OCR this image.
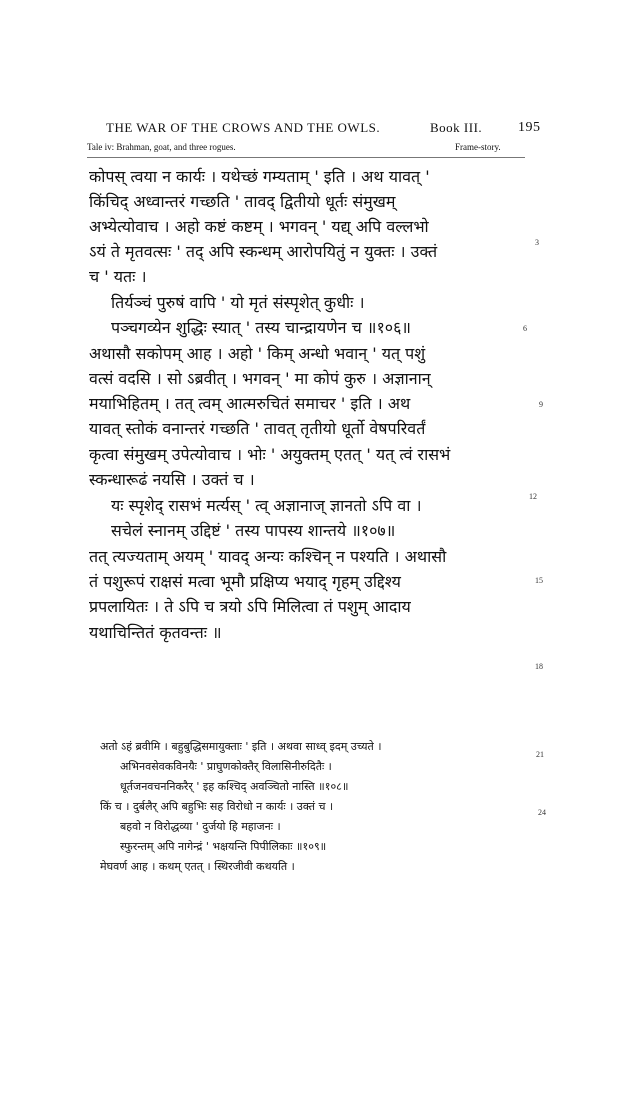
THE WAR OF THE CROWS AND THE OWLS.	Book III.	195
Tale iv: Brahman, goat, and three rogues.	Frame-story.
कोपस् त्वया न कार्यः । यथेच्छं गम्यताम् ' इति । अथ यावत् '
किंचिद् अध्वान्तरं गच्छति ' तावद् द्वितीयो धूर्तः संमुखम्
अभ्येत्योवाच । अहो कष्टं कष्टम् । भगवन् ' यद्य् अपि वल्लभो
ऽयं ते मृतवत्सः ' तद् अपि स्कन्धम् आरोपयितुं न युक्तः । उक्तं
च ' यतः ।
तिर्यञ्चं पुरुषं वापि ' यो मृतं संस्पृशेत् कुधीः ।
पञ्चगव्येन शुद्धिः स्यात् ' तस्य चान्द्रायणेन च ॥१०६॥
अथासौ सकोपम् आह । अहो ' किम् अन्धो भवान् ' यत् पशुं
वत्सं वदसि । सो ऽब्रवीत् । भगवन् ' मा कोपं कुरु । अज्ञानान्
मयाभिहितम् । तत् त्वम् आत्मरुचितं समाचर ' इति । अथ
यावत् स्तोकं वनान्तरं गच्छति ' तावत् तृतीयो धूर्तो वेषपरिवर्तं
कृत्वा संमुखम् उपेत्योवाच । भोः ' अयुक्तम् एतत् ' यत् त्वं रासभं
स्कन्धारूढं नयसि । उक्तं च ।
यः स्पृशेद् रासभं मर्त्यस् ' त्व् अज्ञानाज् ज्ञानतो ऽपि वा ।
सचेलं स्नानम् उद्दिष्टं ' तस्य पापस्य शान्तये ॥१०७॥
तत् त्यज्यताम् अयम् ' यावद् अन्यः कश्चिन् न पश्यति । अथासौ
तं पशुरूपं राक्षसं मत्वा भूमौ प्रक्षिप्य भयाद् गृहम् उद्दिश्य
प्रपलायितः । ते ऽपि च त्रयो ऽपि मिलित्वा तं पशुम् आदाय
यथाचिन्तितं कृतवन्तः ॥
3
6
9
12
15
18
अतो ऽहं ब्रवीमि । बहुबुद्धिसमायुक्ताः ' इति । अथवा साध्व् इदम् उच्यते ।
अभिनवसेवकविनयैः ' प्राघुणकोक्तैर् विलासिनीरुदितैः ।
धूर्तजनवचननिकरैर् ' इह कश्चिद् अवञ्चितो नास्ति ॥१०८॥
किं च । दुर्बलैर् अपि बहुभिः सह विरोधो न कार्यः । उक्तं च ।
बहवो न विरोद्धव्या ' दुर्जयो हि महाजनः ।
स्फुरन्तम् अपि नागेन्द्रं ' भक्षयन्ति पिपीलिकाः ॥१०९॥
मेघवर्ण आह । कथम् एतत् । स्थिरजीवी कथयति ।
21
24
